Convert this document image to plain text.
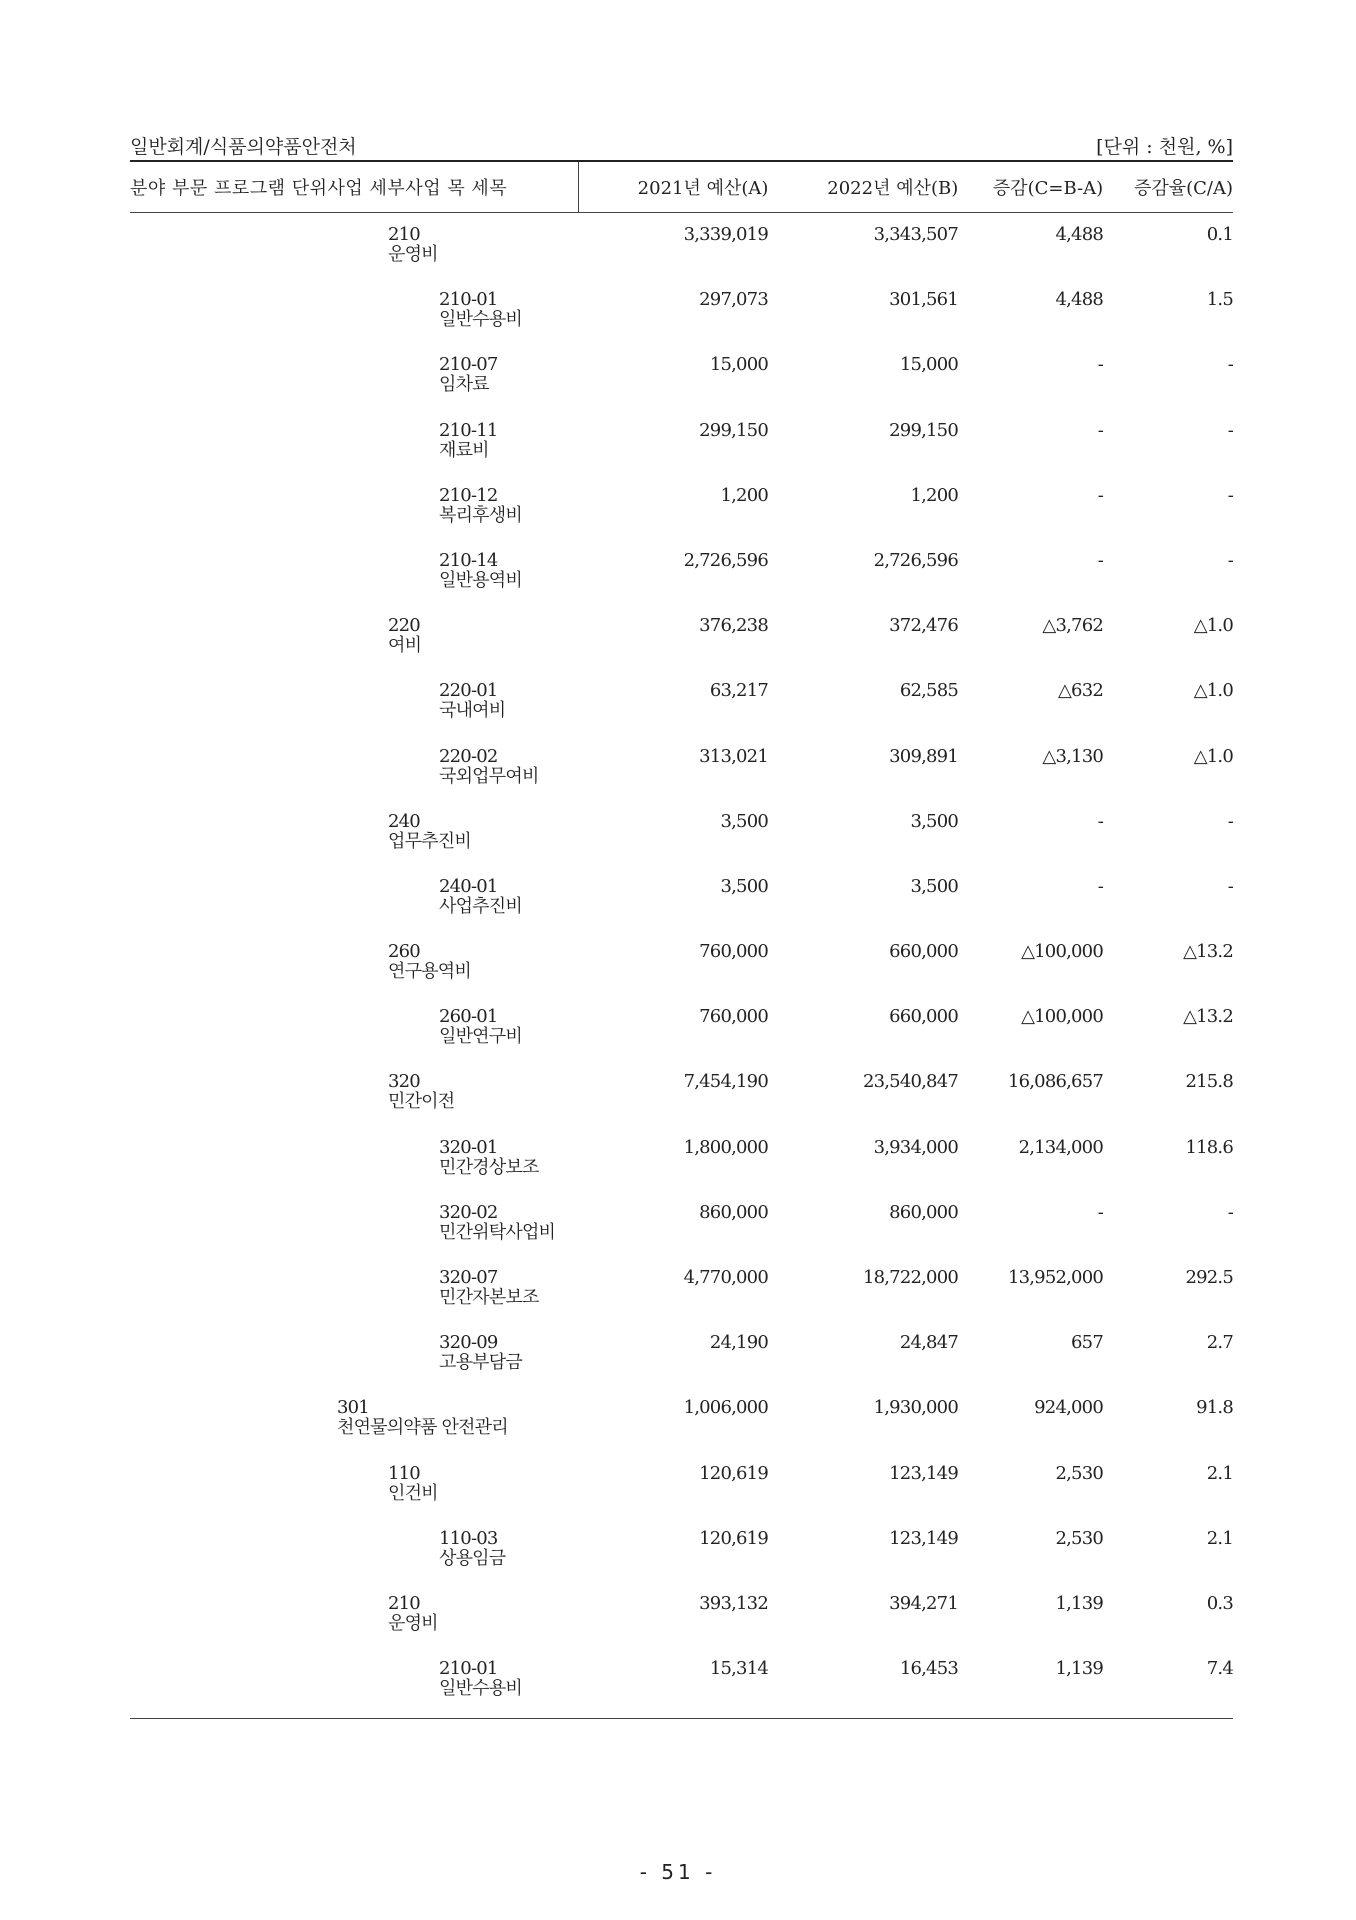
일반회계/식품의약품안전처	[단위 : 천원, %]
분야 부문 프로그램 단위사업 세부사업 목 세목	2021년 예산(A)	2022년 예산(B)	증감(C=B-A)	증감율(C/A)
210
운영비
3,339,019	3,343,507	4,488	0.1
210-01
일반수용비
297,073	301,561	4,488	1.5
210-07
임차료
15,000	15,000	-	-
210-11
재료비
299,150	299,150	-	-
210-12
복리후생비
1,200	1,200	-	-
210-14
일반용역비
2,726,596	2,726,596	-	-
220
여비
376,238	372,476	△3,762	△1.0
220-01
국내여비
63,217	62,585	△632	△1.0
220-02
국외업무여비
313,021	309,891	△3,130	△1.0
240
업무추진비
3,500	3,500	-	-
240-01
사업추진비
3,500	3,500	-	-
260
연구용역비
760,000	660,000	△100,000	△13.2
260-01
일반연구비
760,000	660,000	△100,000	△13.2
320
민간이전
7,454,190	23,540,847	16,086,657	215.8
320-01
민간경상보조
1,800,000	3,934,000	2,134,000	118.6
320-02
민간위탁사업비
860,000	860,000	-	-
320-07
민간자본보조
4,770,000	18,722,000	13,952,000	292.5
320-09
고용부담금
24,190	24,847	657	2.7
301
천연물의약품 안전관리
1,006,000	1,930,000	924,000	91.8
110
인건비
120,619	123,149	2,530	2.1
110-03
상용임금
120,619	123,149	2,530	2.1
210
운영비
393,132	394,271	1,139	0.3
210-01
일반수용비
15,314	16,453	1,139	7.4
- 51 -
